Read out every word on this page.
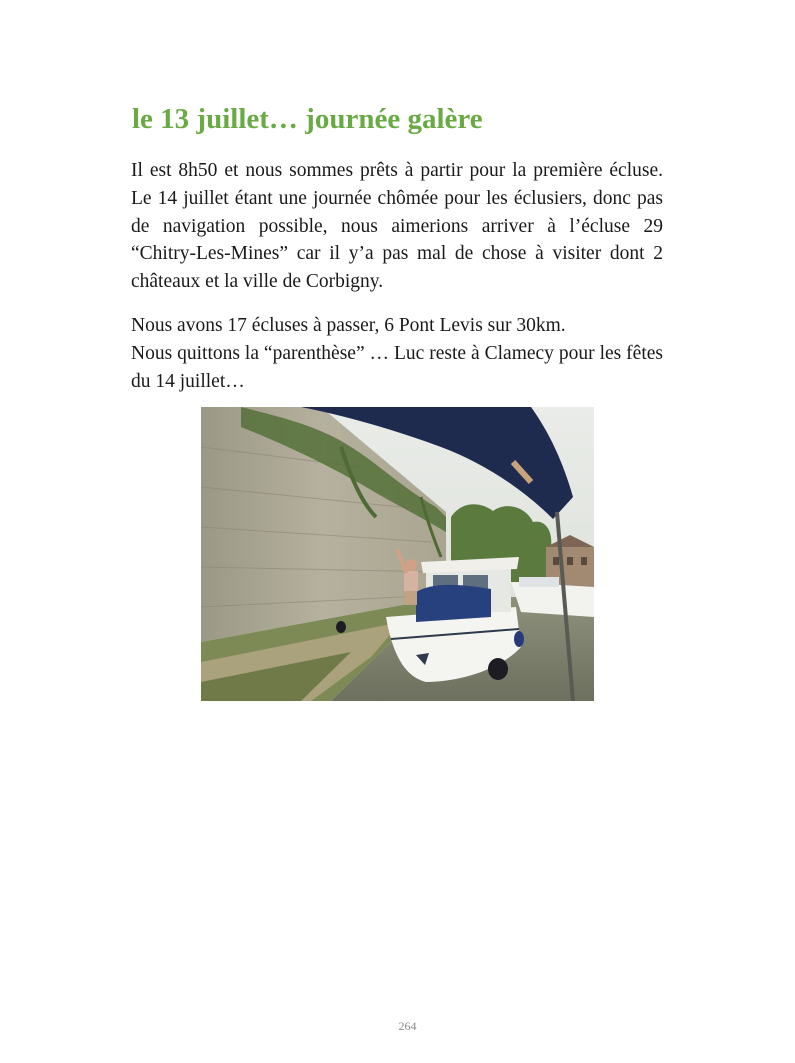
le 13 juillet… journée galère

Il est 8h50 et nous sommes prêts à partir pour la première écluse. Le 14 juillet étant une journée chômée pour les éclusiers, donc pas de navigation possible, nous aimerions arriver à l’écluse 29 “Chitry-Les-Mines” car il y’a pas mal de chose à visiter dont 2 châteaux et la ville de Corbigny.

Nous avons 17 écluses à passer, 6 Pont Levis sur 30km.
Nous quittons la “parenthèse” … Luc reste à Clamecy pour les fêtes du 14 juillet…

264
